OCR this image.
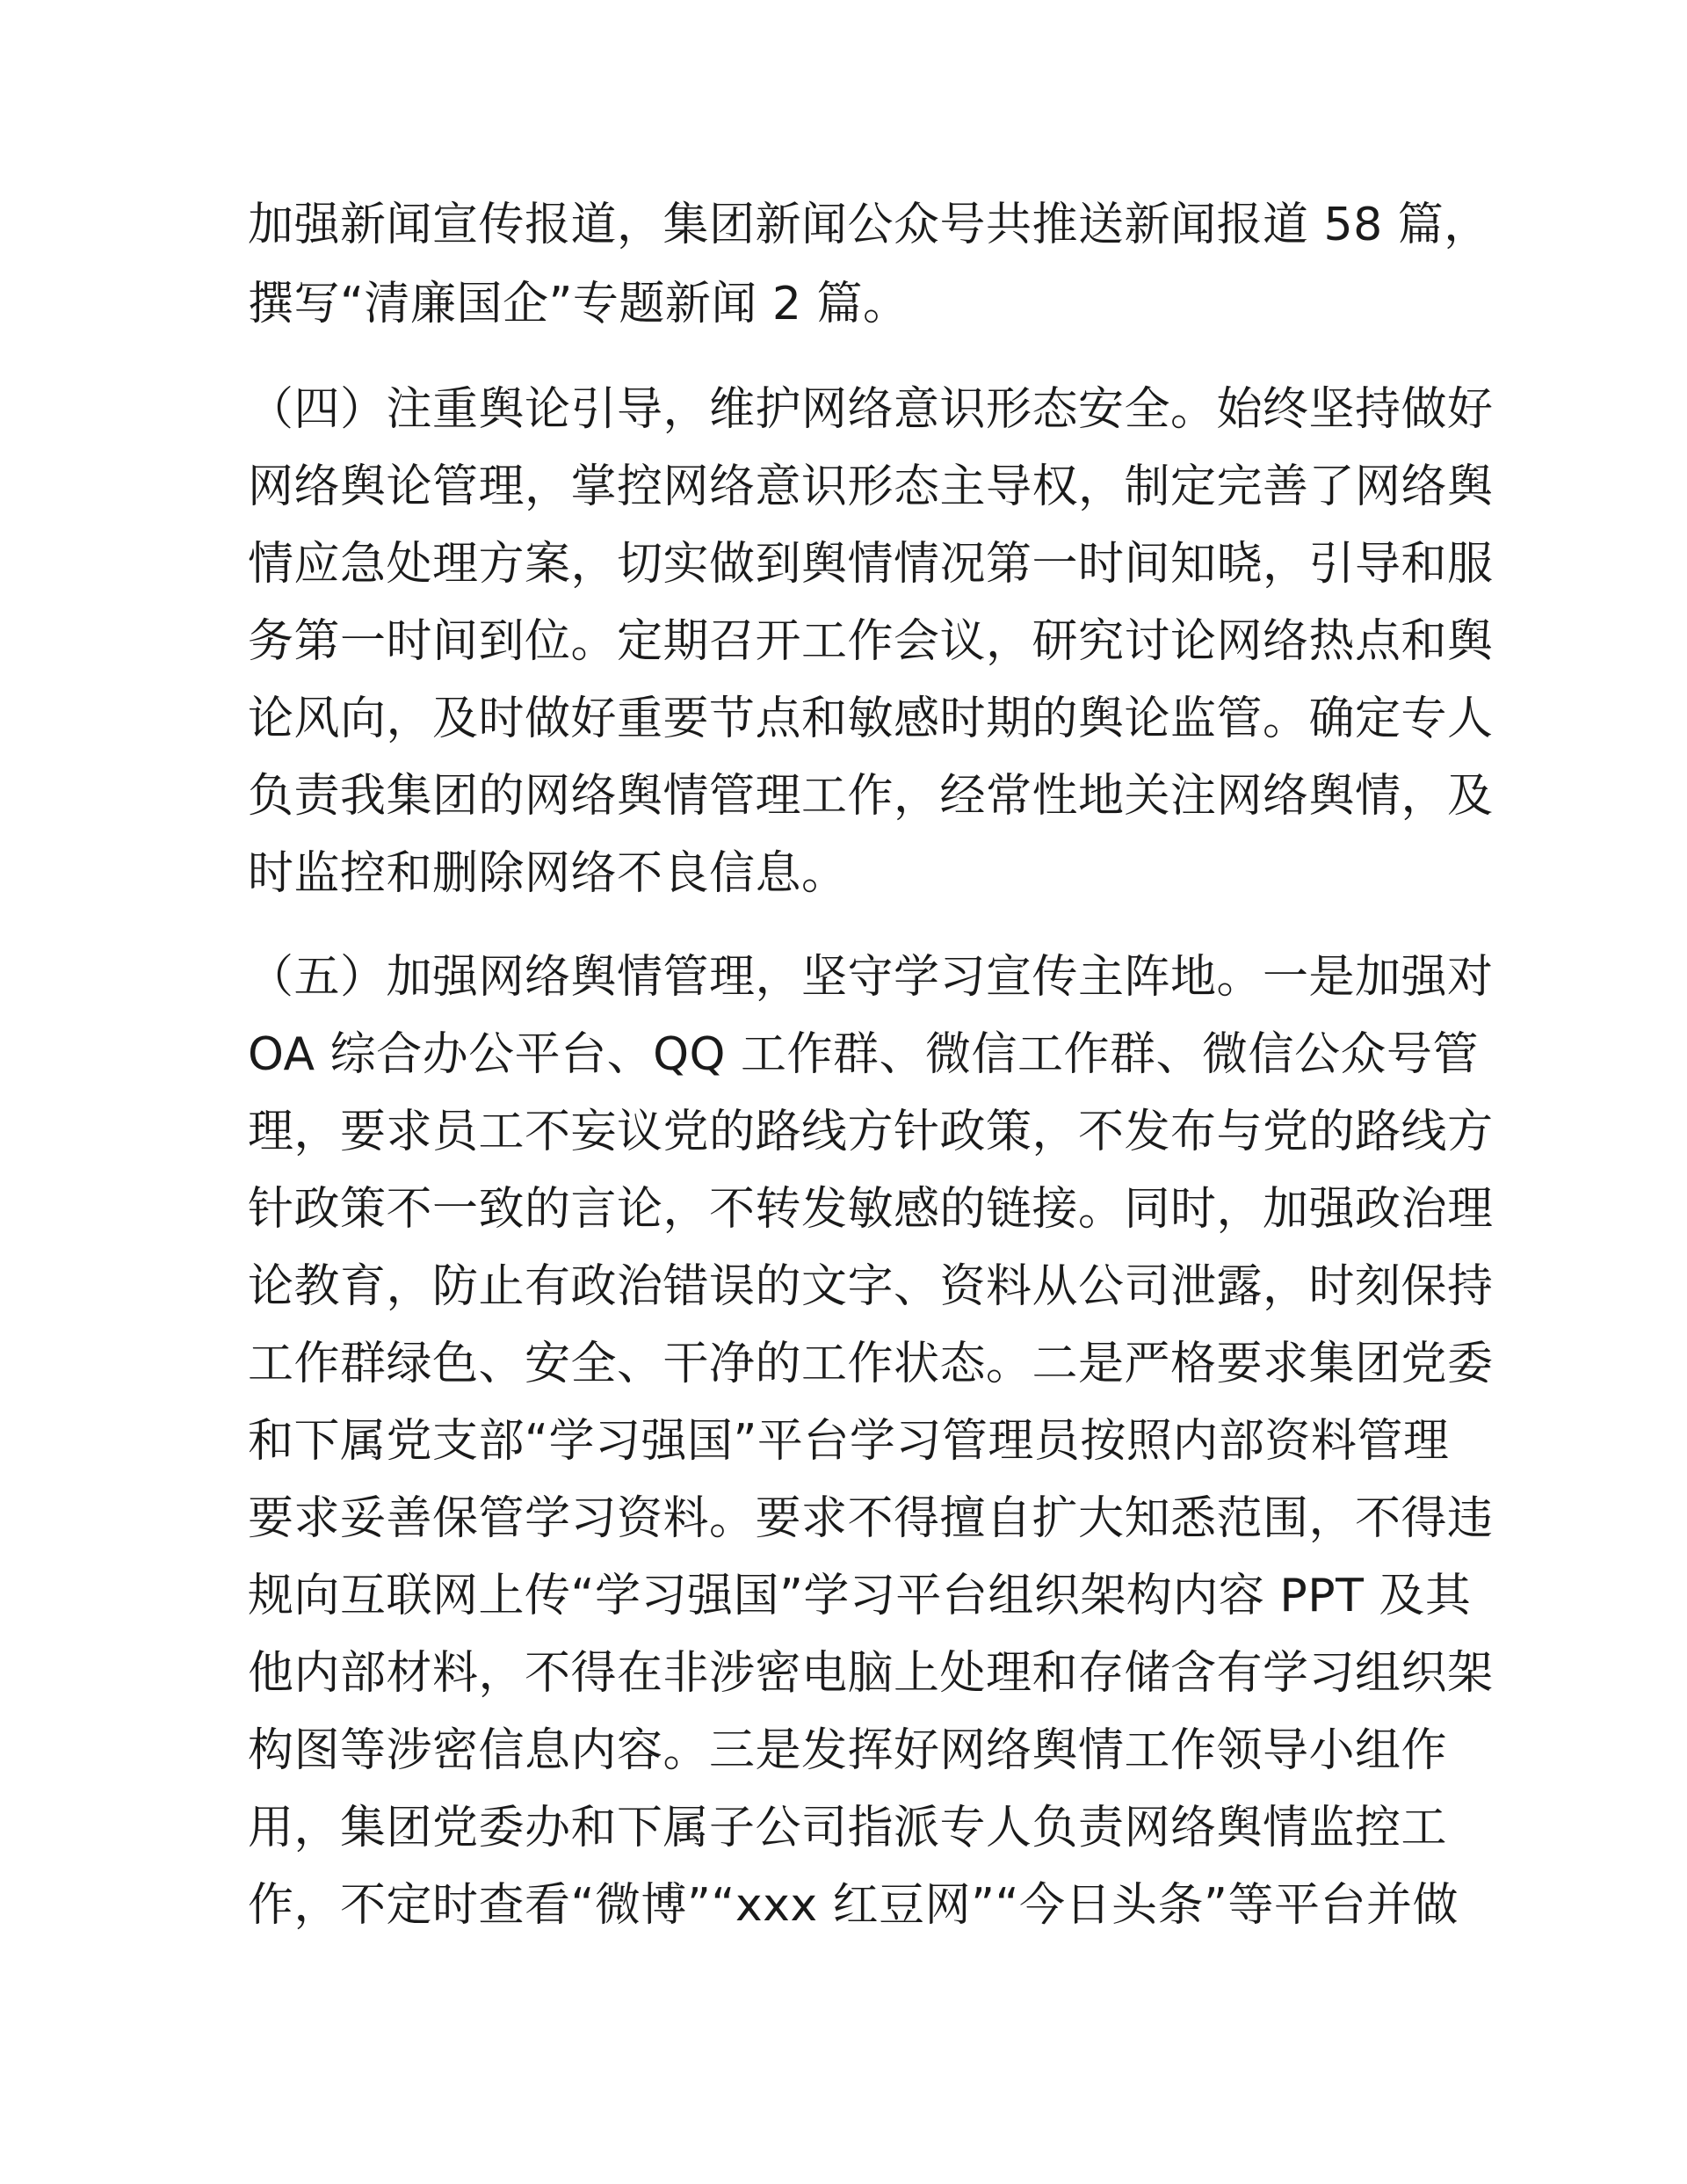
加强新闻宣传报道，集团新闻公众号共推送新闻报道 58 篇，
撰写“清廉国企”专题新闻 2 篇。
（四）注重舆论引导，维护网络意识形态安全。始终坚持做好
网络舆论管理，掌控网络意识形态主导权，制定完善了网络舆
情应急处理方案，切实做到舆情情况第一时间知晓，引导和服
务第一时间到位。定期召开工作会议，研究讨论网络热点和舆
论风向，及时做好重要节点和敏感时期的舆论监管。确定专人
负责我集团的网络舆情管理工作，经常性地关注网络舆情，及
时监控和删除网络不良信息。
（五）加强网络舆情管理，坚守学习宣传主阵地。一是加强对
OA 综合办公平台、QQ 工作群、微信工作群、微信公众号管
理，要求员工不妄议党的路线方针政策，不发布与党的路线方
针政策不一致的言论，不转发敏感的链接。同时，加强政治理
论教育，防止有政治错误的文字、资料从公司泄露，时刻保持
工作群绿色、安全、干净的工作状态。二是严格要求集团党委
和下属党支部“学习强国”平台学习管理员按照内部资料管理
要求妥善保管学习资料。要求不得擅自扩大知悉范围，不得违
规向互联网上传“学习强国”学习平台组织架构内容 PPT 及其
他内部材料，不得在非涉密电脑上处理和存储含有学习组织架
构图等涉密信息内容。三是发挥好网络舆情工作领导小组作
用，集团党委办和下属子公司指派专人负责网络舆情监控工
作，不定时查看“微博”“xxx 红豆网”“今日头条”等平台并做
